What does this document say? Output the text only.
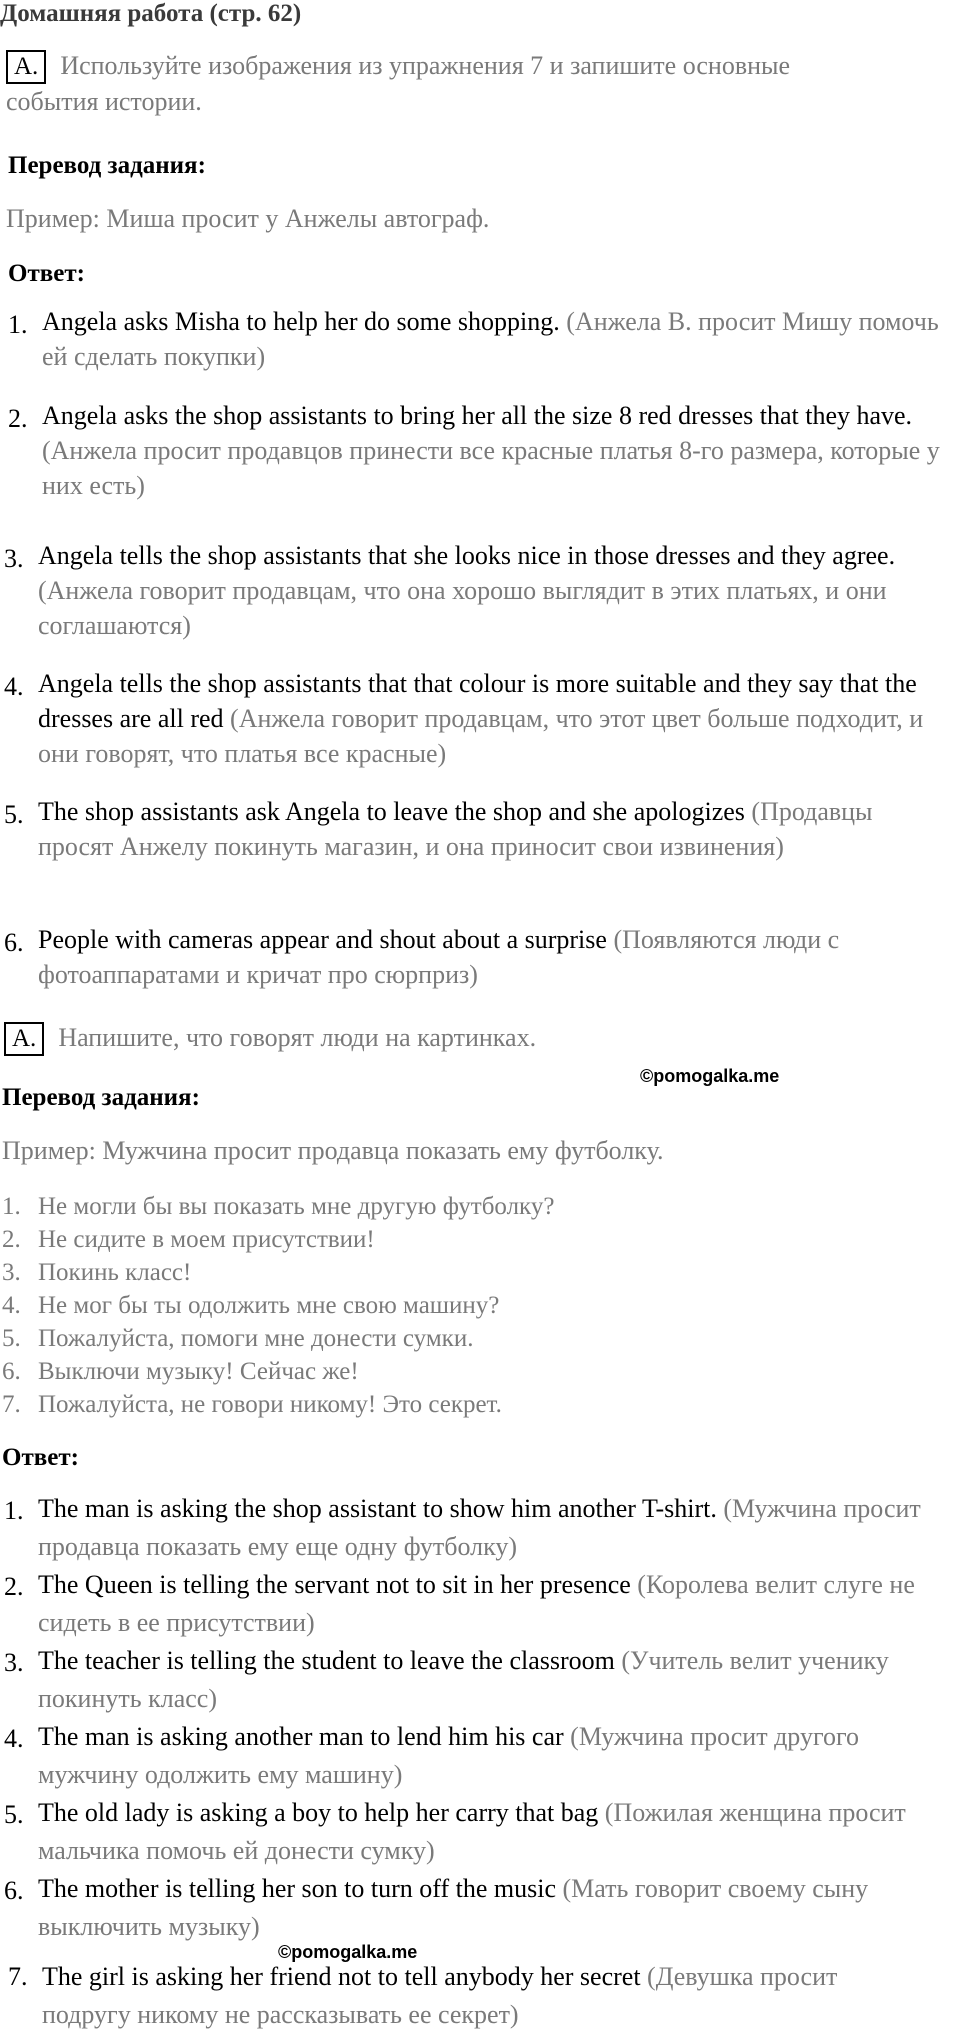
Домашняя работа (стр. 62)
A. Используйте изображения из упражнения 7 и запишите основные события истории.
Перевод задания:
Пример: Миша просит у Анжелы автограф.
Ответ:
1. Angela asks Misha to help her do some shopping. (Анжела В. просит Мишу помочь ей сделать покупки)
2. Angela asks the shop assistants to bring her all the size 8 red dresses that they have. (Анжела просит продавцов принести все красные платья 8-го размера, которые у них есть)
3. Angela tells the shop assistants that she looks nice in those dresses and they agree. (Анжела говорит продавцам, что она хорошо выглядит в этих платьях, и они соглашаются)
4. Angela tells the shop assistants that that colour is more suitable and they say that the dresses are all red (Анжела говорит продавцам, что этот цвет больше подходит, и они говорят, что платья все красные)
5. The shop assistants ask Angela to leave the shop and she apologizes (Продавцы просят Анжелу покинуть магазин, и она приносит свои извинения)
6. People with cameras appear and shout about a surprise (Появляются люди с фотоаппаратами и кричат про сюрприз)
A. Напишите, что говорят люди на картинках.
©pomogalka.me
Перевод задания:
Пример: Мужчина просит продавца показать ему футболку.
1. Не могли бы вы показать мне другую футболку?
2. Не сидите в моем присутствии!
3. Покинь класс!
4. Не мог бы ты одолжить мне свою машину?
5. Пожалуйста, помоги мне донести сумки.
6. Выключи музыку! Сейчас же!
7. Пожалуйста, не говори никому! Это секрет.
Ответ:
1. The man is asking the shop assistant to show him another T-shirt. (Мужчина просит продавца показать ему еще одну футболку)
2. The Queen is telling the servant not to sit in her presence (Королева велит слуге не сидеть в ее присутствии)
3. The teacher is telling the student to leave the classroom (Учитель велит ученику покинуть класс)
4. The man is asking another man to lend him his car (Мужчина просит другого мужчину одолжить ему машину)
5. The old lady is asking a boy to help her carry that bag (Пожилая женщина просит мальчика помочь ей донести сумку)
6. The mother is telling her son to turn off the music (Мать говорит своему сыну выключить музыку)
©pomogalka.me
7. The girl is asking her friend not to tell anybody her secret (Девушка просит подругу никому не рассказывать ее секрет)
